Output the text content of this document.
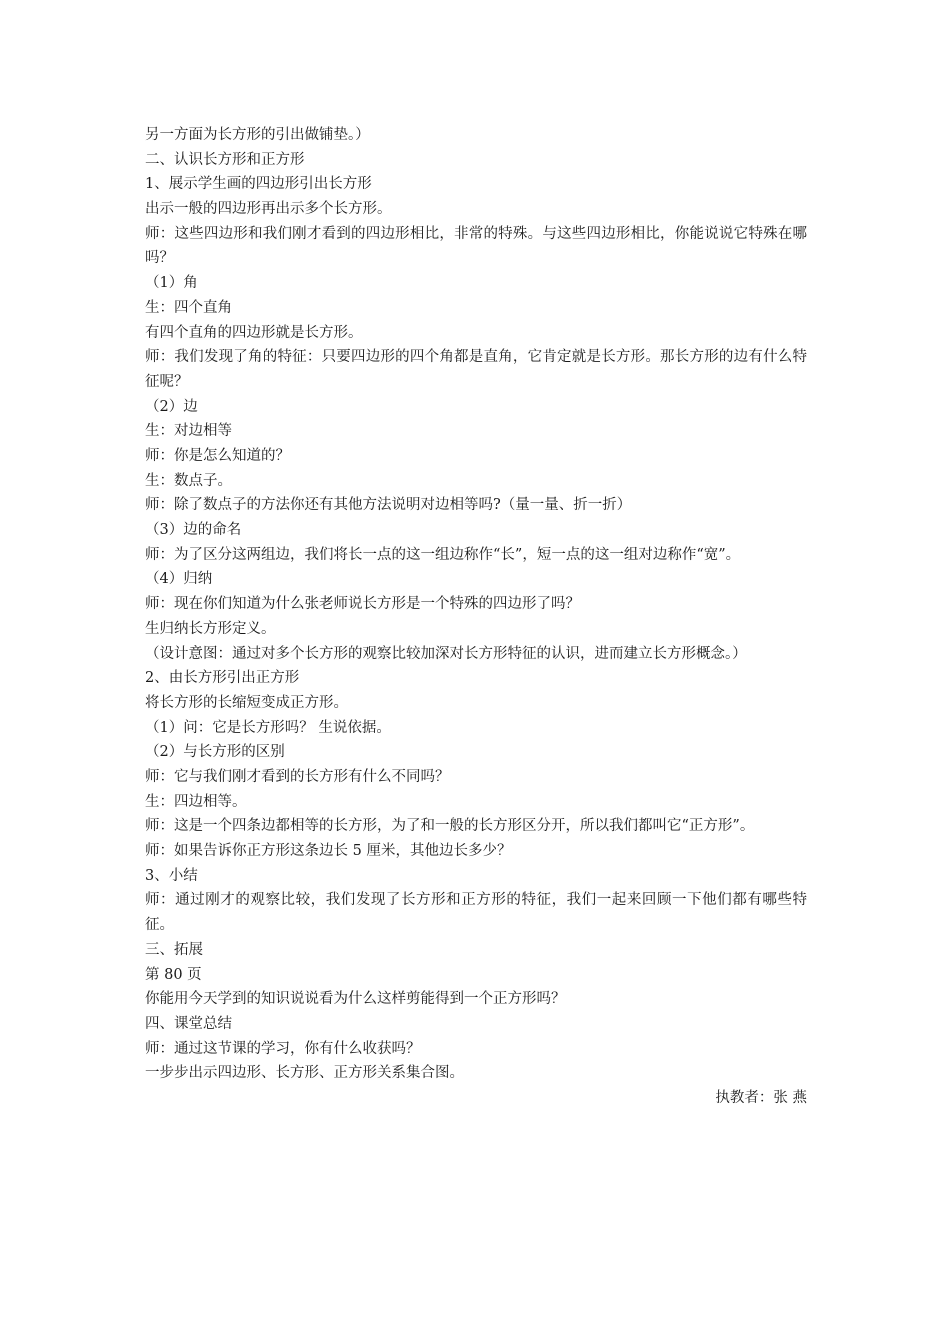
另一方面为长方形的引出做铺垫。）
二、认识长方形和正方形
1、展示学生画的四边形引出长方形
出示一般的四边形再出示多个长方形。
师：这些四边形和我们刚才看到的四边形相比，非常的特殊。与这些四边形相比，你能说说它特殊在哪吗？
（1）角
生：四个直角
有四个直角的四边形就是长方形。
师：我们发现了角的特征：只要四边形的四个角都是直角，它肯定就是长方形。那长方形的边有什么特征呢？
（2）边
生：对边相等
师：你是怎么知道的？
生：数点子。
师：除了数点子的方法你还有其他方法说明对边相等吗?（量一量、折一折）
（3）边的命名
师：为了区分这两组边，我们将长一点的这一组边称作“长”，短一点的这一组对边称作“宽”。
（4）归纳
师：现在你们知道为什么张老师说长方形是一个特殊的四边形了吗？
生归纳长方形定义。
（设计意图：通过对多个长方形的观察比较加深对长方形特征的认识，进而建立长方形概念。）
2、由长方形引出正方形
将长方形的长缩短变成正方形。
（1）问：它是长方形吗？ 生说依据。
（2）与长方形的区别
师：它与我们刚才看到的长方形有什么不同吗？
生：四边相等。
师：这是一个四条边都相等的长方形，为了和一般的长方形区分开，所以我们都叫它“正方形”。
师：如果告诉你正方形这条边长 5 厘米，其他边长多少？
3、小结
师：通过刚才的观察比较，我们发现了长方形和正方形的特征，我们一起来回顾一下他们都有哪些特征。
三、拓展
第 80 页
你能用今天学到的知识说说看为什么这样剪能得到一个正方形吗？
四、课堂总结
师：通过这节课的学习，你有什么收获吗？
一步步出示四边形、长方形、正方形关系集合图。
执教者：张 燕
